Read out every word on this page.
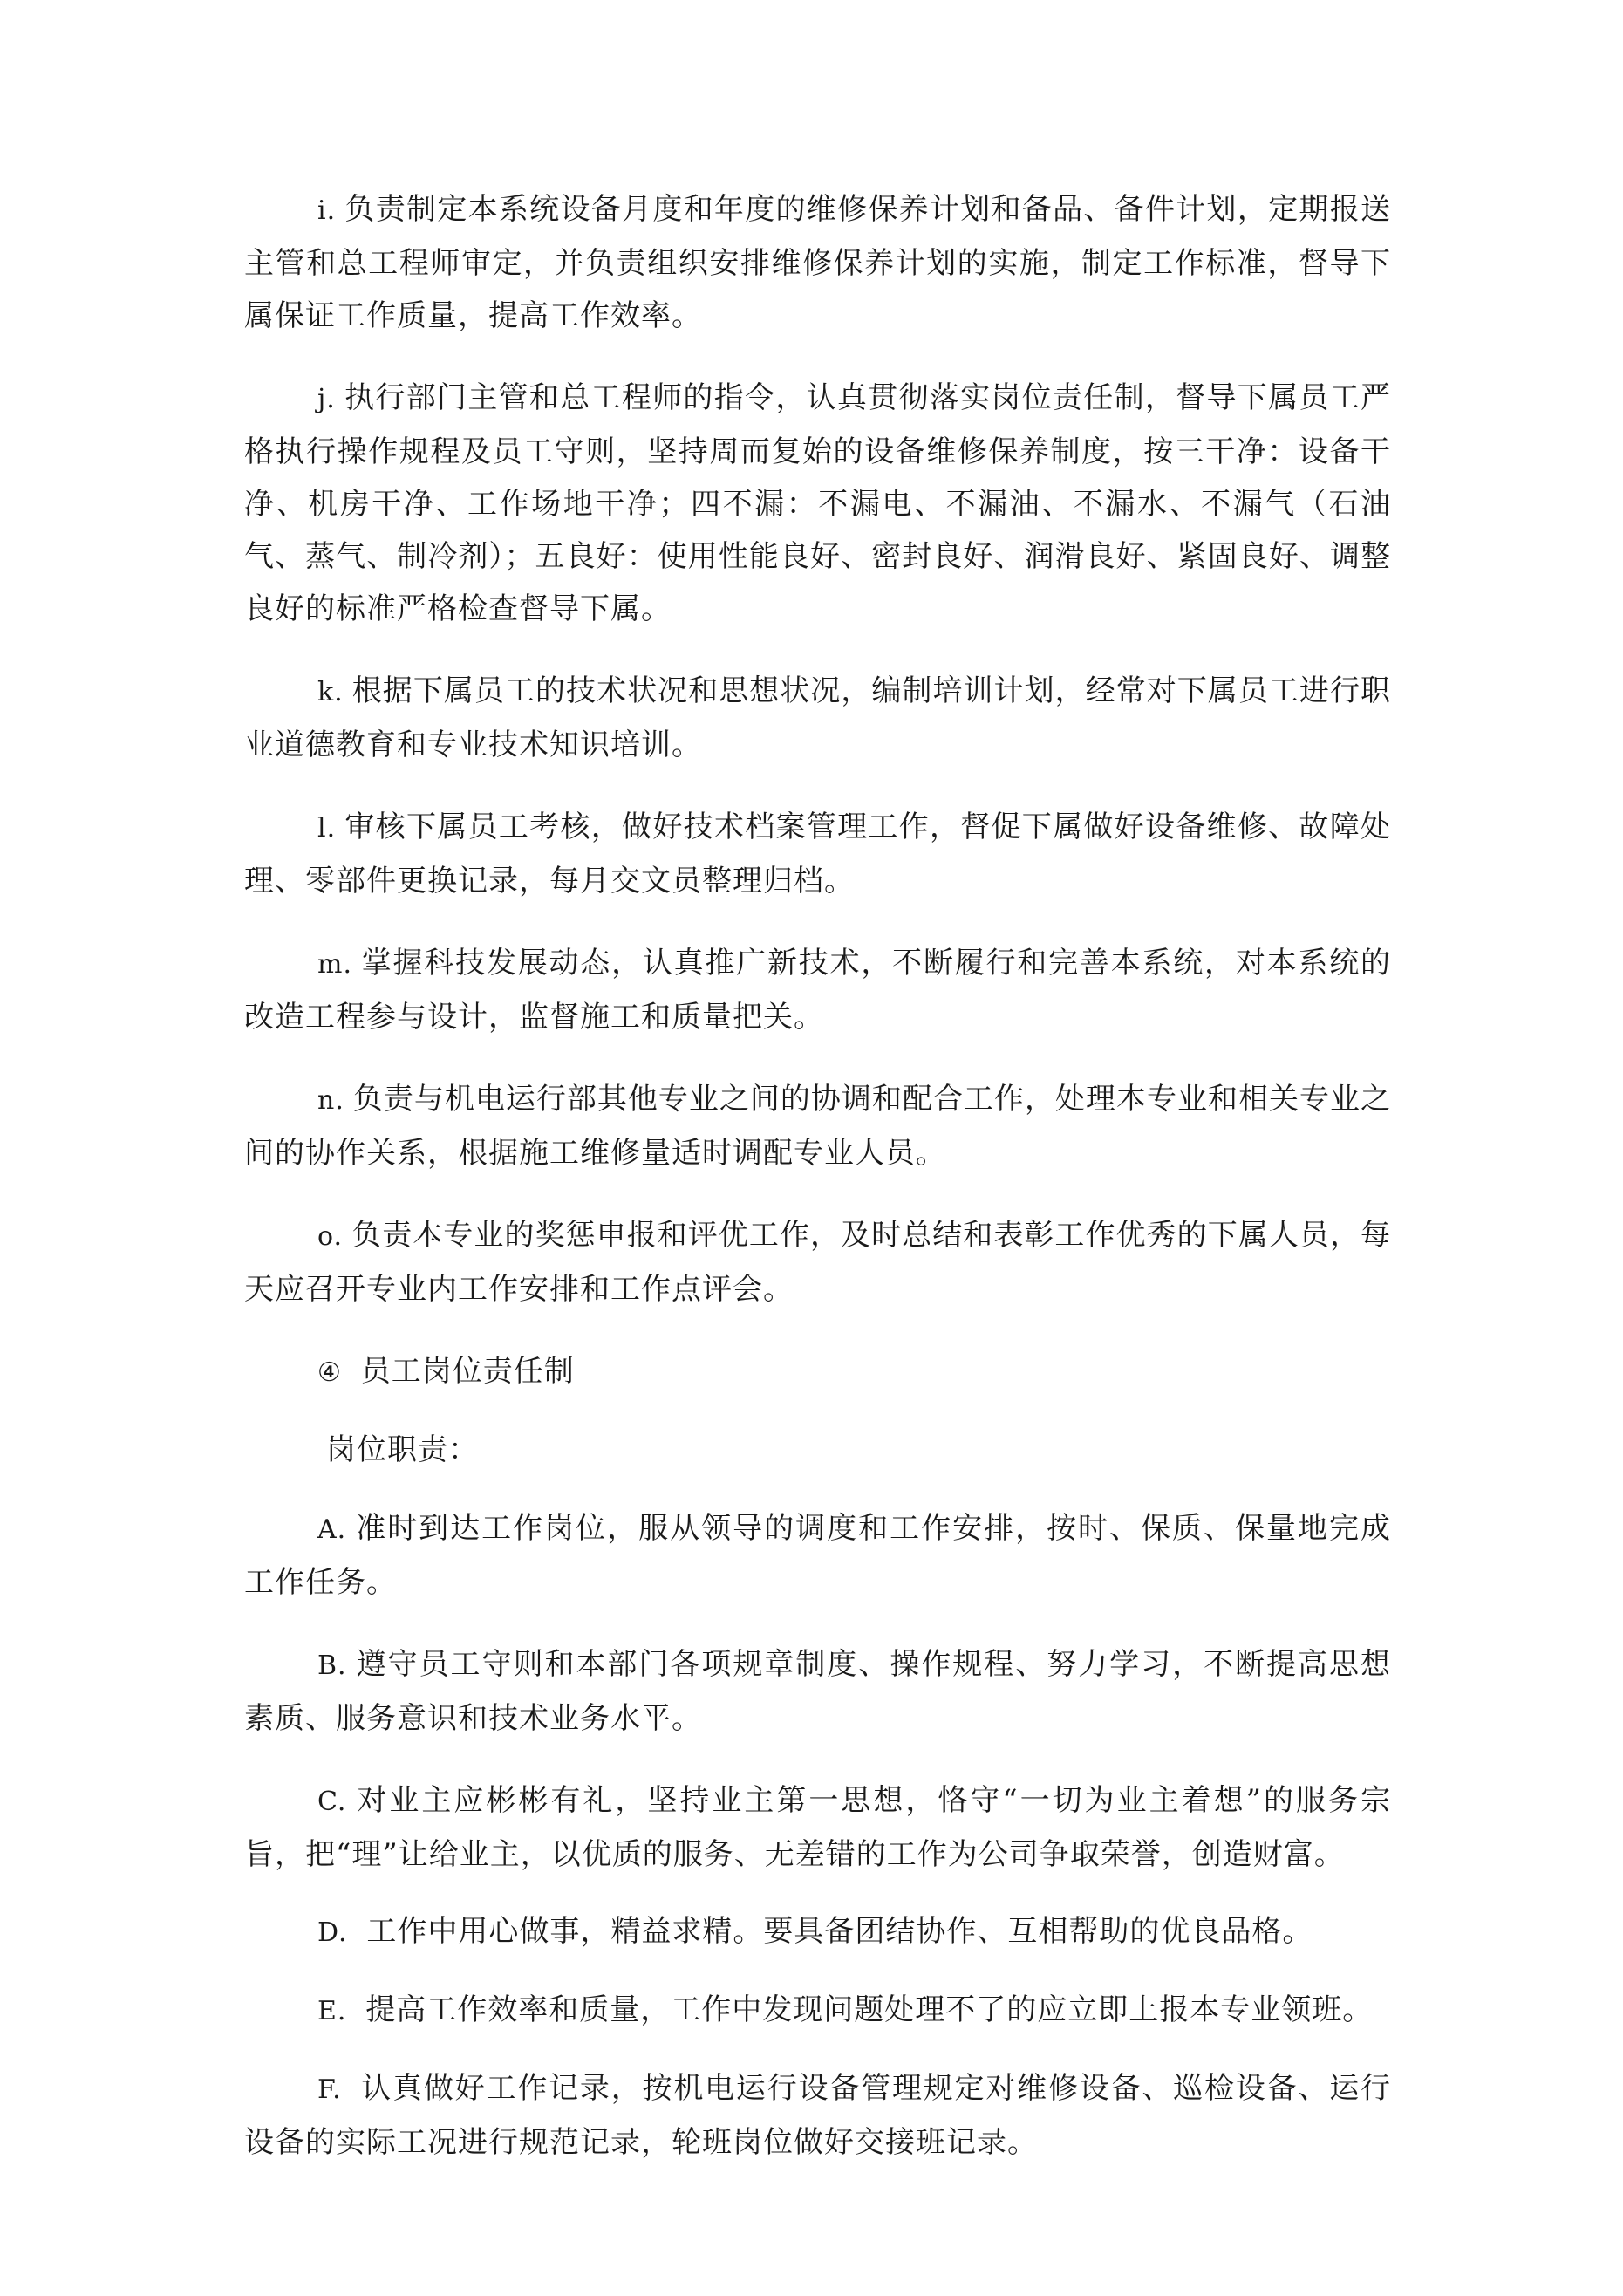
i. 负责制定本系统设备月度和年度的维修保养计划和备品、备件计划，定期报送主管和总工程师审定，并负责组织安排维修保养计划的实施，制定工作标准，督导下属保证工作质量，提高工作效率。

j. 执行部门主管和总工程师的指令，认真贯彻落实岗位责任制，督导下属员工严格执行操作规程及员工守则，坚持周而复始的设备维修保养制度，按三干净：设备干净、机房干净、工作场地干净；四不漏：不漏电、不漏油、不漏水、不漏气（石油气、蒸气、制冷剂）；五良好：使用性能良好、密封良好、润滑良好、紧固良好、调整良好的标准严格检查督导下属。

k. 根据下属员工的技术状况和思想状况，编制培训计划，经常对下属员工进行职业道德教育和专业技术知识培训。

l. 审核下属员工考核，做好技术档案管理工作，督促下属做好设备维修、故障处理、零部件更换记录，每月交文员整理归档。

m. 掌握科技发展动态，认真推广新技术，不断履行和完善本系统，对本系统的改造工程参与设计，监督施工和质量把关。

n. 负责与机电运行部其他专业之间的协调和配合工作，处理本专业和相关专业之间的协作关系，根据施工维修量适时调配专业人员。

o. 负责本专业的奖惩申报和评优工作，及时总结和表彰工作优秀的下属人员，每天应召开专业内工作安排和工作点评会。

④ 员工岗位责任制

岗位职责：

A. 准时到达工作岗位，服从领导的调度和工作安排，按时、保质、保量地完成工作任务。

B. 遵守员工守则和本部门各项规章制度、操作规程、努力学习，不断提高思想素质、服务意识和技术业务水平。

C. 对业主应彬彬有礼，坚持业主第一思想，恪守“一切为业主着想”的服务宗旨，把“理”让给业主，以优质的服务、无差错的工作为公司争取荣誉，创造财富。

D. 工作中用心做事，精益求精。要具备团结协作、互相帮助的优良品格。

E. 提高工作效率和质量，工作中发现问题处理不了的应立即上报本专业领班。

F. 认真做好工作记录，按机电运行设备管理规定对维修设备、巡检设备、运行设备的实际工况进行规范记录，轮班岗位做好交接班记录。
